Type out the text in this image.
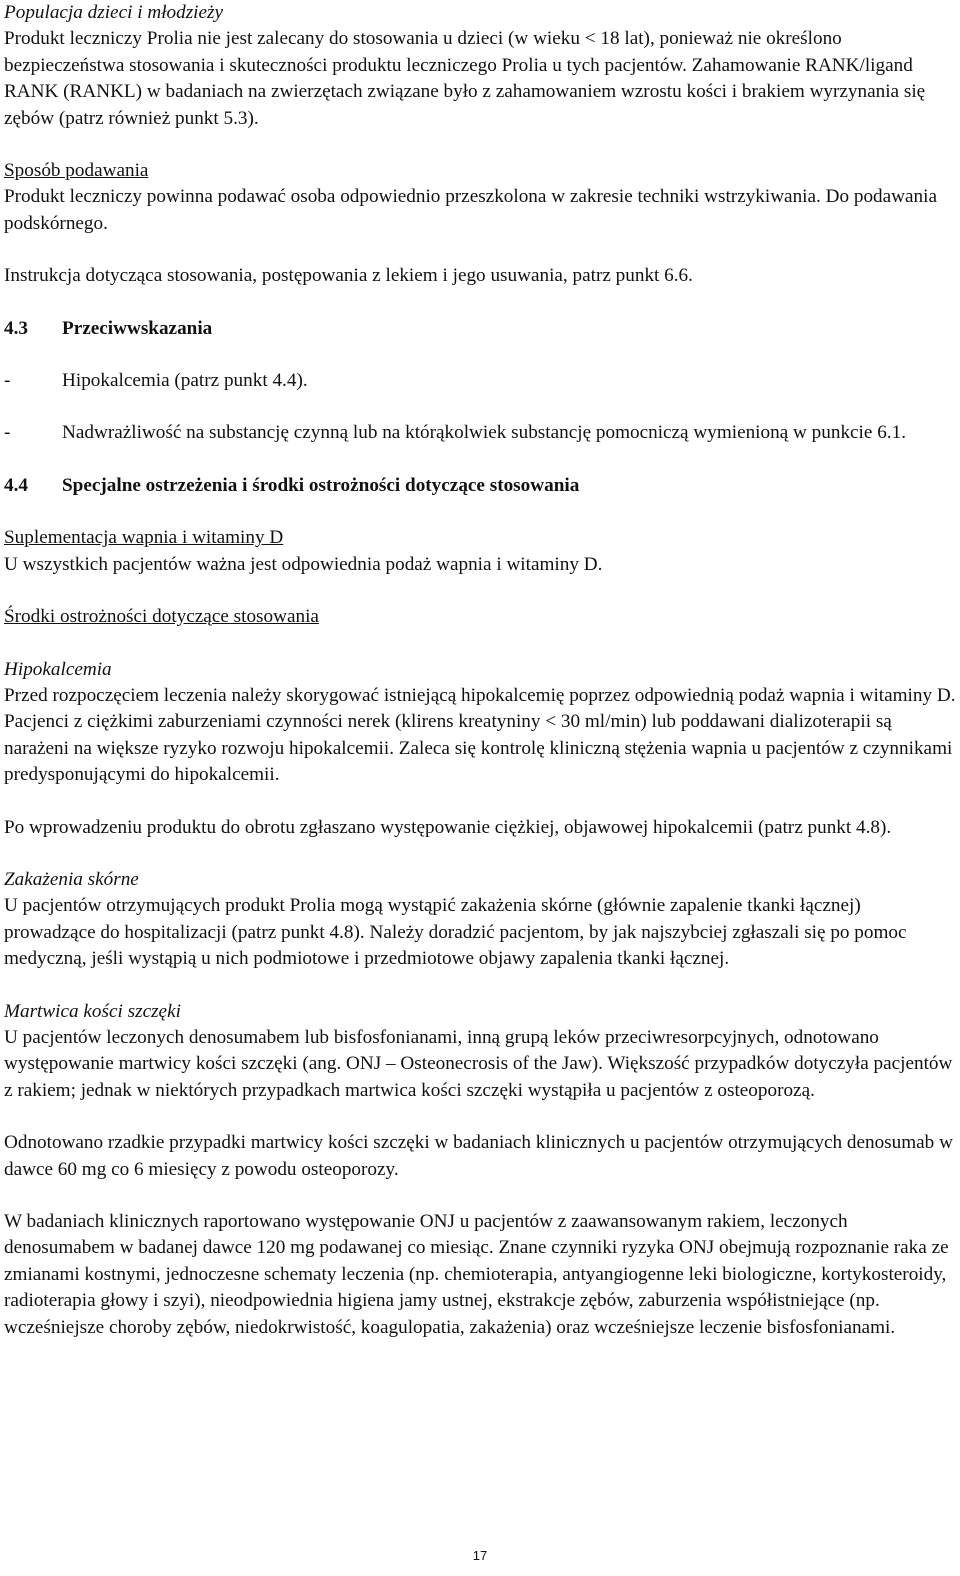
Populacja dzieci i młodzieży

Produkt leczniczy Prolia nie jest zalecany do stosowania u dzieci (w wieku < 18 lat), ponieważ nie określono bezpieczeństwa stosowania i skuteczności produktu leczniczego Prolia u tych pacjentów. Zahamowanie RANK/ligand RANK (RANKL) w badaniach na zwierzętach związane było z zahamowaniem wzrostu kości i brakiem wyrzynania się zębów (patrz również punkt 5.3).

Sposób podawania

Produkt leczniczy powinna podawać osoba odpowiednio przeszkolona w zakresie techniki wstrzykiwania. Do podawania podskórnego.

Instrukcja dotycząca stosowania, postępowania z lekiem i jego usuwania, patrz punkt 6.6.

4.3	Przeciwwskazania
-	Hipokalcemia (patrz punkt 4.4).
-	Nadwrażliwość na substancję czynną lub na którąkolwiek substancję pomocniczą wymienioną w punkcie 6.1.
4.4	Specjalne ostrzeżenia i środki ostrożności dotyczące stosowania

Suplementacja wapnia i witaminy D

U wszystkich pacjentów ważna jest odpowiednia podaż wapnia i witaminy D.

Środki ostrożności dotyczące stosowania

Hipokalcemia

Przed rozpoczęciem leczenia należy skorygować istniejącą hipokalcemię poprzez odpowiednią podaż wapnia i witaminy D. Pacjenci z ciężkimi zaburzeniami czynności nerek (klirens kreatyniny < 30 ml/min) lub poddawani dializoterapii są narażeni na większe ryzyko rozwoju hipokalcemii. Zaleca się kontrolę kliniczną stężenia wapnia u pacjentów z czynnikami predysponującymi do hipokalcemii.

Po wprowadzeniu produktu do obrotu zgłaszano występowanie ciężkiej, objawowej hipokalcemii (patrz punkt 4.8).

Zakażenia skórne

U pacjentów otrzymujących produkt Prolia mogą wystąpić zakażenia skórne (głównie zapalenie tkanki łącznej) prowadzące do hospitalizacji (patrz punkt 4.8). Należy doradzić pacjentom, by jak najszybciej zgłaszali się po pomoc medyczną, jeśli wystąpią u nich podmiotowe i przedmiotowe objawy zapalenia tkanki łącznej.

Martwica kości szczęki

U pacjentów leczonych denosumabem lub bisfosfonianami, inną grupą leków przeciwresorpcyjnych, odnotowano występowanie martwicy kości szczęki (ang. ONJ – Osteonecrosis of the Jaw). Większość przypadków dotyczyła pacjentów z rakiem; jednak w niektórych przypadkach martwica kości szczęki wystąpiła u pacjentów z osteoporozą.

Odnotowano rzadkie przypadki martwicy kości szczęki w badaniach klinicznych u pacjentów otrzymujących denosumab w dawce 60 mg co 6 miesięcy z powodu osteoporozy.

W badaniach klinicznych raportowano występowanie ONJ u pacjentów z zaawansowanym rakiem, leczonych denosumabem w badanej dawce 120 mg podawanej co miesiąc. Znane czynniki ryzyka ONJ obejmują rozpoznanie raka ze zmianami kostnymi, jednoczesne schematy leczenia (np. chemioterapia, antyangiogenne leki biologiczne, kortykosteroidy, radioterapia głowy i szyi), nieodpowiednia higiena jamy ustnej, ekstrakcje zębów, zaburzenia współistniejące (np. wcześniejsze choroby zębów, niedokrwistość, koagulopatia, zakażenia) oraz wcześniejsze leczenie bisfosfonianami.

17
